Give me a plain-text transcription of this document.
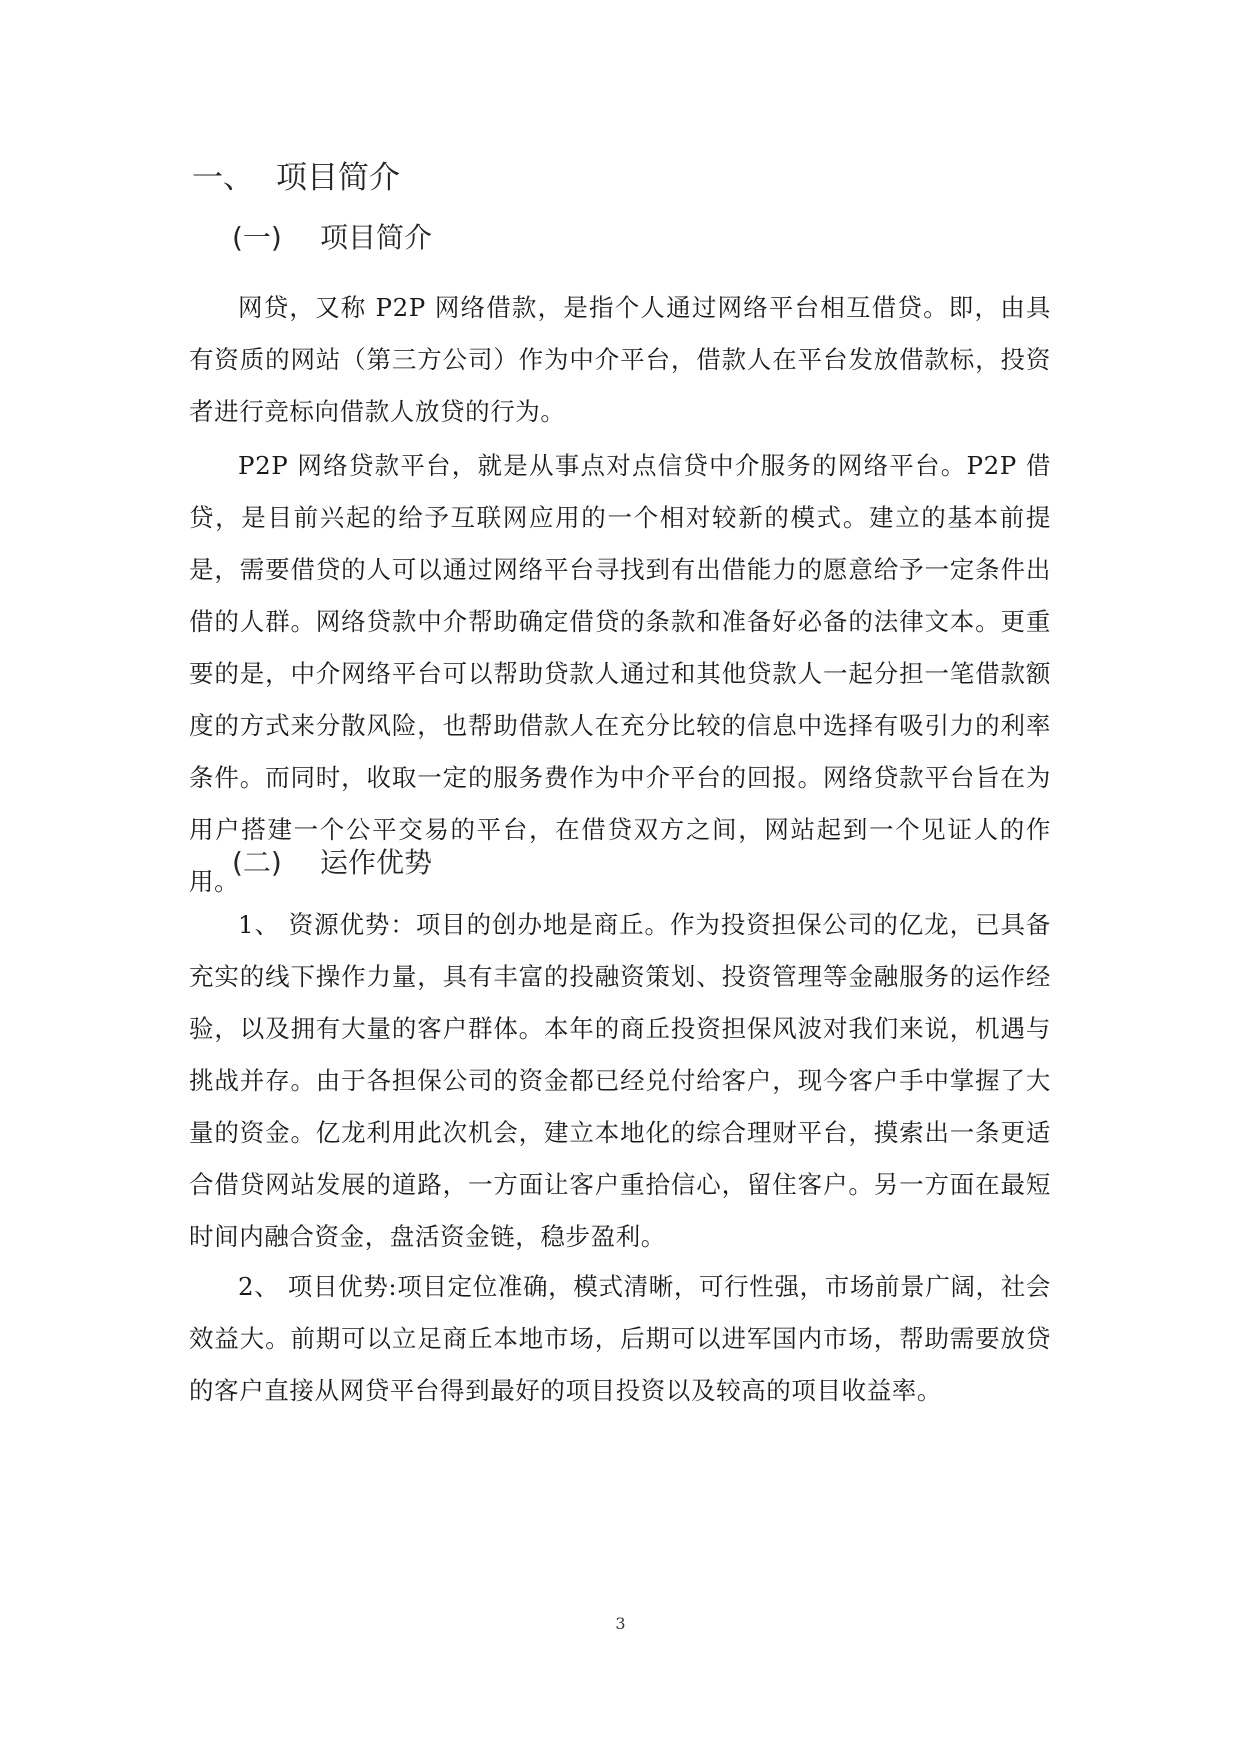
一、 项目简介
(一) 项目简介

网贷，又称 P2P 网络借款，是指个人通过网络平台相互借贷。即，由具有资质的网站（第三方公司）作为中介平台，借款人在平台发放借款标，投资者进行竞标向借款人放贷的行为。

P2P 网络贷款平台，就是从事点对点信贷中介服务的网络平台。P2P 借贷，是目前兴起的给予互联网应用的一个相对较新的模式。建立的基本前提是，需要借贷的人可以通过网络平台寻找到有出借能力的愿意给予一定条件出借的人群。网络贷款中介帮助确定借贷的条款和准备好必备的法律文本。更重要的是，中介网络平台可以帮助贷款人通过和其他贷款人一起分担一笔借款额度的方式来分散风险，也帮助借款人在充分比较的信息中选择有吸引力的利率条件。而同时，收取一定的服务费作为中介平台的回报。网络贷款平台旨在为用户搭建一个公平交易的平台，在借贷双方之间，网站起到一个见证人的作用。

(二) 运作优势

1、 资源优势：项目的创办地是商丘。作为投资担保公司的亿龙，已具备充实的线下操作力量，具有丰富的投融资策划、投资管理等金融服务的运作经验，以及拥有大量的客户群体。本年的商丘投资担保风波对我们来说，机遇与挑战并存。由于各担保公司的资金都已经兑付给客户，现今客户手中掌握了大量的资金。亿龙利用此次机会，建立本地化的综合理财平台，摸索出一条更适合借贷网站发展的道路，一方面让客户重拾信心，留住客户。另一方面在最短时间内融合资金，盘活资金链，稳步盈利。

2、 项目优势:项目定位准确，模式清晰，可行性强，市场前景广阔，社会效益大。前期可以立足商丘本地市场，后期可以进军国内市场，帮助需要放贷的客户直接从网贷平台得到最好的项目投资以及较高的项目收益率。

3
